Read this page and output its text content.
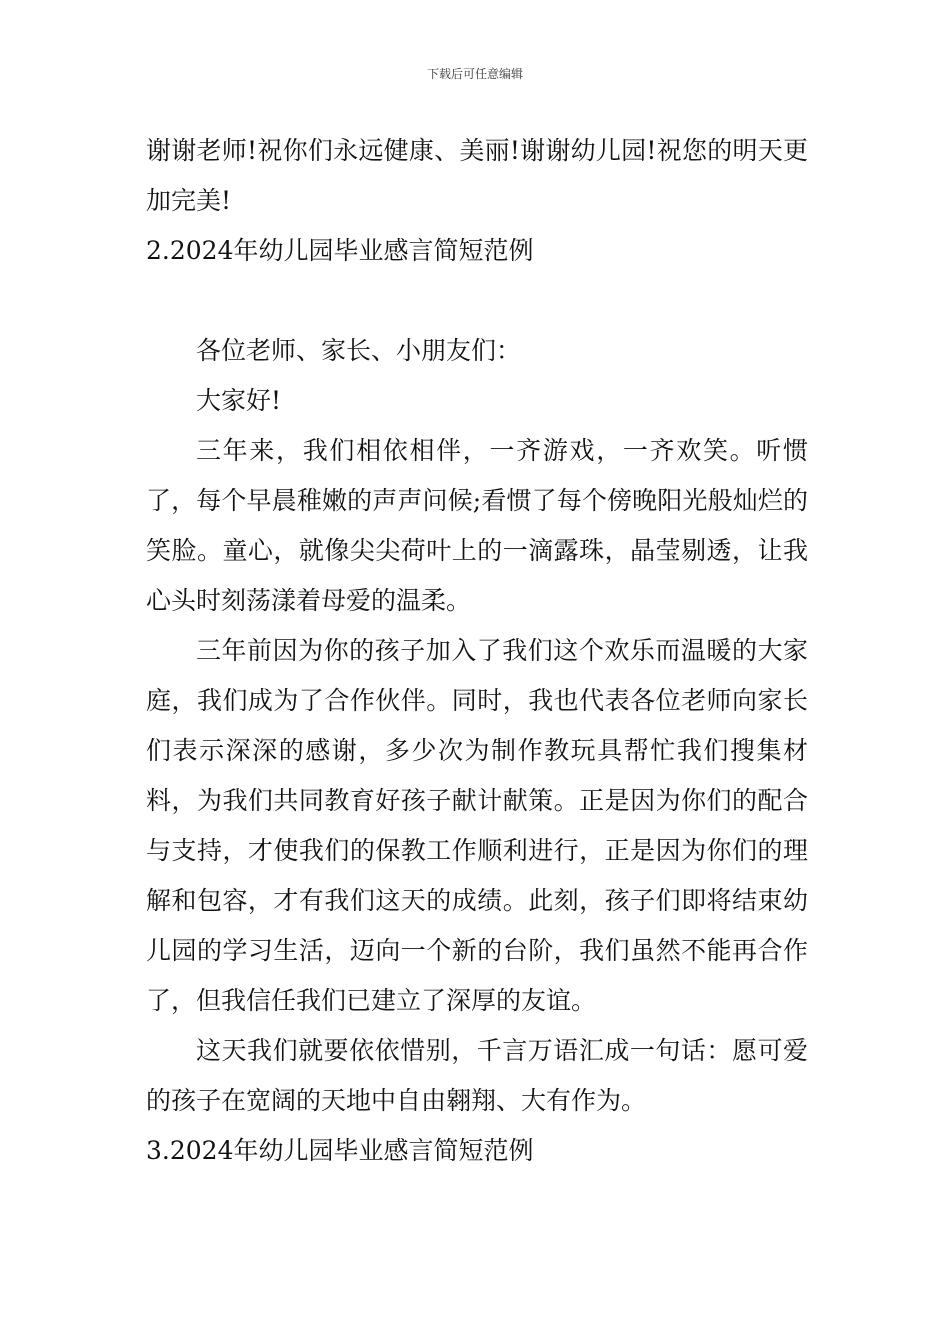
下载后可任意编辑

谢谢老师!祝你们永远健康、美丽!谢谢幼儿园!祝您的明天更加完美!

2.2024年幼儿园毕业感言简短范例

各位老师、家长、小朋友们：

大家好!

三年来，我们相依相伴，一齐游戏，一齐欢笑。听惯了，每个早晨稚嫩的声声问候;看惯了每个傍晚阳光般灿烂的笑脸。童心，就像尖尖荷叶上的一滴露珠，晶莹剔透，让我心头时刻荡漾着母爱的温柔。

三年前因为你的孩子加入了我们这个欢乐而温暖的大家庭，我们成为了合作伙伴。同时，我也代表各位老师向家长们表示深深的感谢，多少次为制作教玩具帮忙我们搜集材料，为我们共同教育好孩子献计献策。正是因为你们的配合与支持，才使我们的保教工作顺利进行，正是因为你们的理解和包容，才有我们这天的成绩。此刻，孩子们即将结束幼儿园的学习生活，迈向一个新的台阶，我们虽然不能再合作了，但我信任我们已建立了深厚的友谊。

这天我们就要依依惜别，千言万语汇成一句话：愿可爱的孩子在宽阔的天地中自由翱翔、大有作为。

3.2024年幼儿园毕业感言简短范例
